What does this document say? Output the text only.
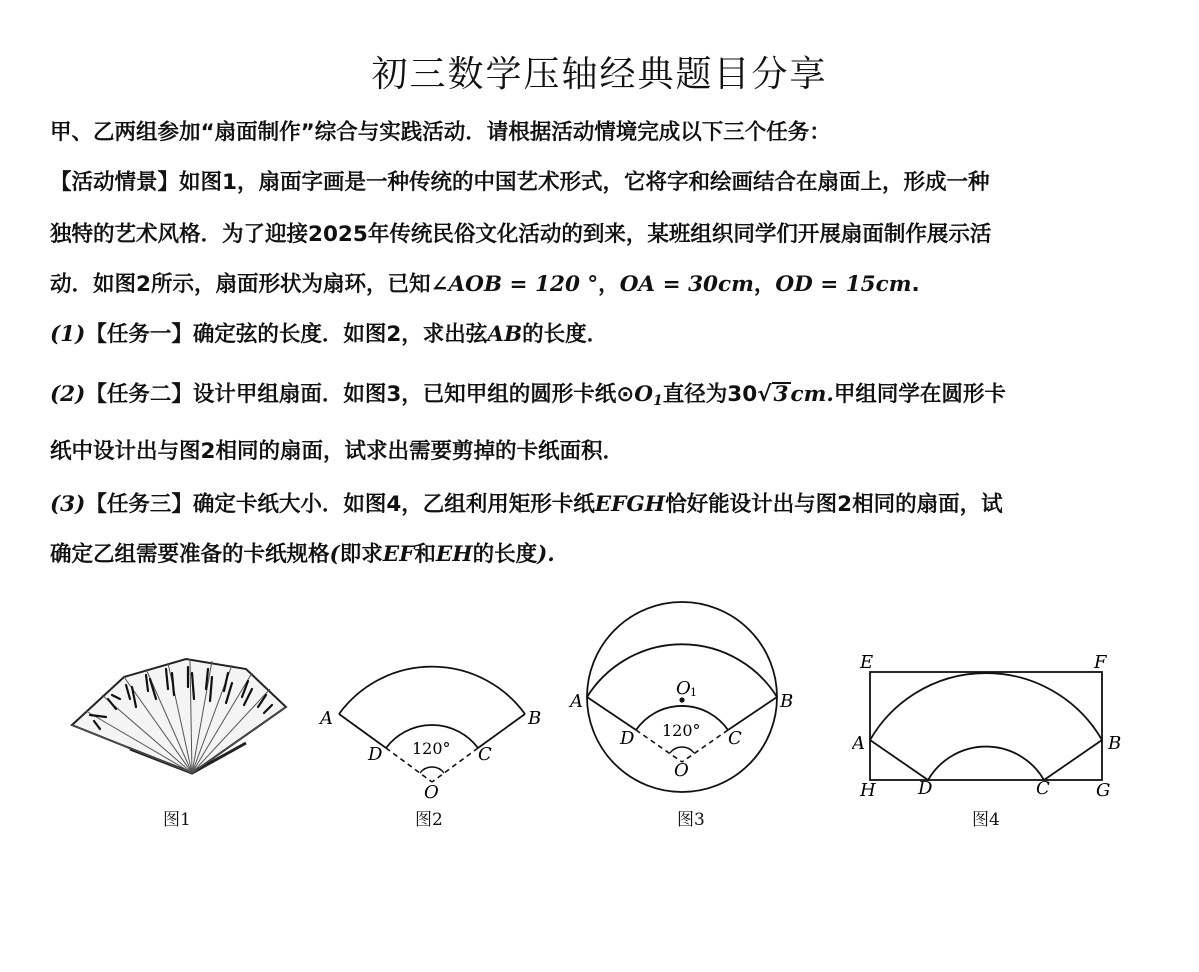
初三数学压轴经典题目分享
甲、乙两组参加“扇面制作”综合与实践活动．请根据活动情境完成以下三个任务：
【活动情景】如图1，扇面字画是一种传统的中国艺术形式，它将字和绘画结合在扇面上，形成一种
独特的艺术风格．为了迎接2025年传统民俗文化活动的到来，某班组织同学们开展扇面制作展示活
动．如图2所示，扇面形状为扇环，已知∠AOB = 120 °，OA = 30cm，OD = 15cm.
(1)【任务一】确定弦的长度．如图2，求出弦AB的长度．
(2)【任务二】设计甲组扇面．如图3，已知甲组的圆形卡纸$⊙O_1$直径为30√3cm.甲组同学在圆形卡
纸中设计出与图2相同的扇面，试求出需要剪掉的卡纸面积．
(3)【任务三】确定卡纸大小．如图4，乙组利用矩形卡纸EFGH恰好能设计出与图2相同的扇面，试
确定乙组需要准备的卡纸规格(即求EF和EH的长度).
图1
A	B
C
D
O
120°
图2
A	B
C
D
O
O 1
120°
图3
E	F
G
H
A	B
C
D
图4
